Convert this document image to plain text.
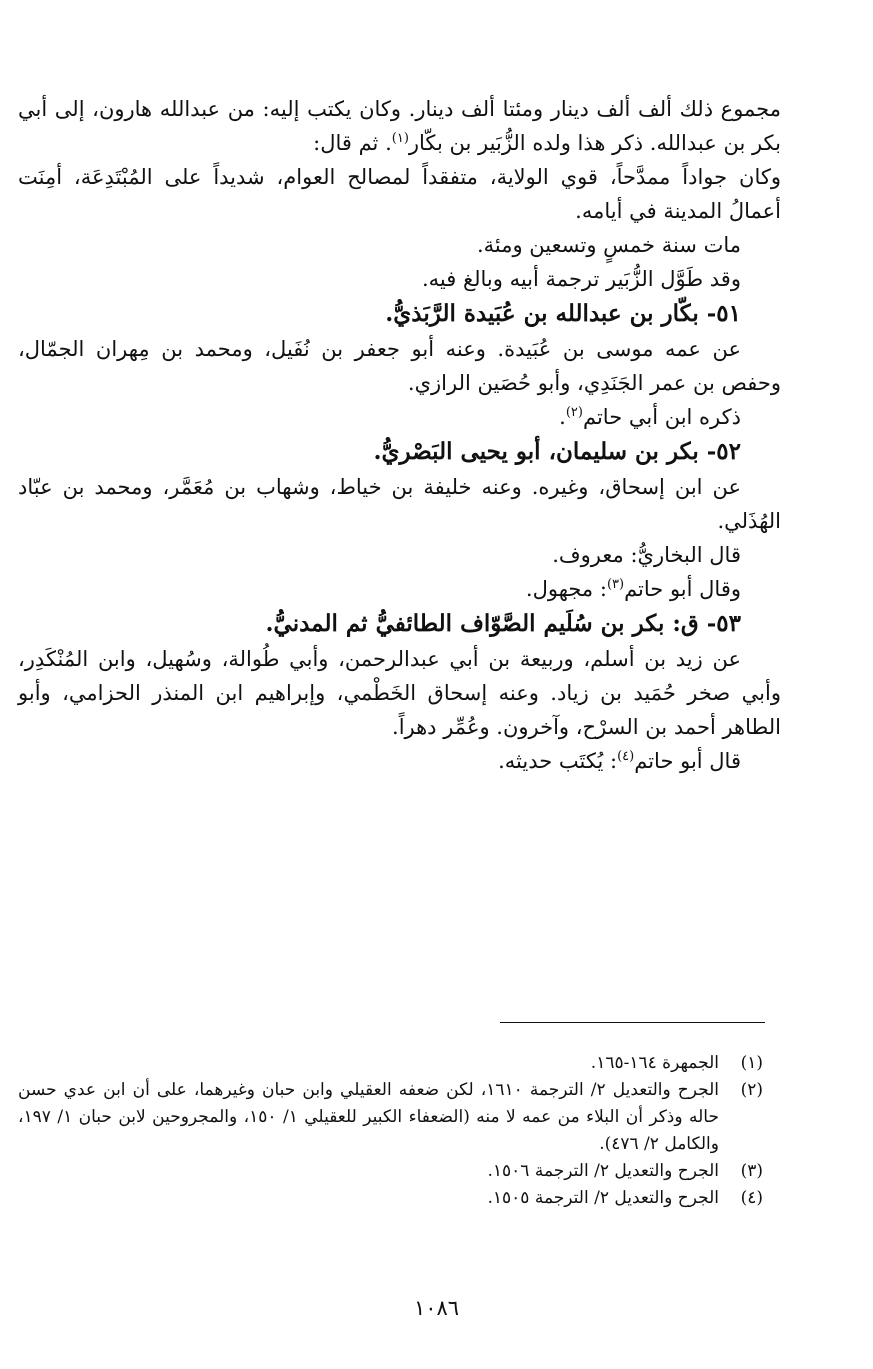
مجموع ذلك ألف ألف دينار ومئتا ألف دينار. وكان يكتب إليه: من عبدالله هارون، إلى أبي بكر بن عبدالله. ذكر هذا ولده الزُّبَير بن بكّار$^{(١)}$. ثم قال:

وكان جواداً ممدَّحاً، قوي الولاية، متفقداً لمصالح العوام، شديداً على المُبْتَدِعَة، أمِنَت أعمالُ المدينة في أيامه.

مات سنة خمسٍ وتسعين ومئة.

وقد طَوَّل الزُّبَير ترجمة أبيه وبالغ فيه.

٥١-بكّار بن عبدالله بن عُبَيدة الرَّبَذيُّ.

عن عمه موسى بن عُبَيدة. وعنه أبو جعفر بن نُفَيل، ومحمد بن مِهران الجمّال، وحفص بن عمر الجَنَدِي، وأبو حُصَين الرازي.

ذكره ابن أبي حاتم$^{(٢)}$.

٥٢-بكر بن سليمان، أبو يحيى البَصْريُّ.

عن ابن إسحاق، وغيره. وعنه خليفة بن خياط، وشهاب بن مُعَمَّر، ومحمد بن عبّاد الهُذَلي.

قال البخاريُّ: معروف.

وقال أبو حاتم$^{(٣)}$: مجهول.

٥٣- ق:بكر بن سُلَيم الصَّوّاف الطائفيُّ ثم المدنيُّ.

عن زيد بن أسلم، وربيعة بن أبي عبدالرحمن، وأبي طُوالة، وسُهيل، وابن المُنْكَدِر، وأبي صخر حُمَيد بن زياد. وعنه إسحاق الخَطْمي، وإبراهيم ابن المنذر الحزامي، وأبو الطاهر أحمد بن السرْح، وآخرون. وعُمِّر دهراً.

قال أبو حاتم$^{(٤)}$: يُكتَب حديثه.

(١)
الجمهرة ١٦٤-١٦٥.
(٢)
الجرح والتعديل ٢/ الترجمة ١٦١٠، لكن ضعفه العقيلي وابن حبان وغيرهما، على أن ابن عدي حسن حاله وذكر أن البلاء من عمه لا منه (الضعفاء الكبير للعقيلي ١/ ١٥٠، والمجروحين لابن حبان ١/ ١٩٧، والكامل ٢/ ٤٧٦).
(٣)
الجرح والتعديل ٢/ الترجمة ١٥٠٦.
(٤)
الجرح والتعديل ٢/ الترجمة ١٥٠٥.
١٠٨٦
